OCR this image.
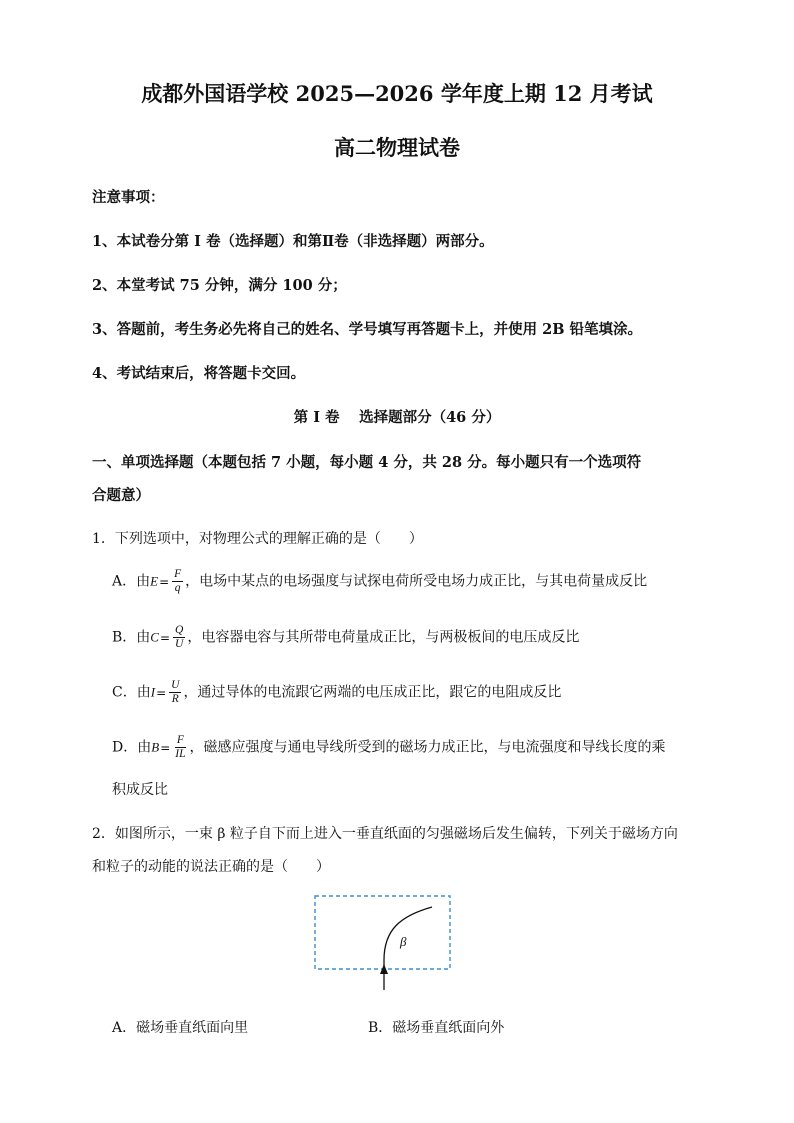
成都外国语学校 2025—2026 学年度上期 12 月考试
高二物理试卷
注意事项：
1、本试卷分第 I 卷（选择题）和第Ⅱ卷（非选择题）两部分。
2、本堂考试 75 分钟，满分 100 分；
3、答题前，考生务必先将自己的姓名、学号填写再答题卡上，并使用 2B 铅笔填涂。
4、考试结束后，将答题卡交回。
第 I 卷　 选择题部分（46 分）
一、单项选择题（本题包括 7 小题，每小题 4 分，共 28 分。每小题只有一个选项符
合题意）
1．下列选项中，对物理公式的理解正确的是（　　）
A．由$E= \frac{F}{q}$ ，电场中某点的电场强度与试探电荷所受电场力成正比，与其电荷量成反比
B．由$C= \frac{Q}{U}$ ，电容器电容与其所带电荷量成正比，与两极板间的电压成反比
C．由$I= \frac{U}{R}$ ，通过导体的电流跟它两端的电压成正比，跟它的电阻成反比
D．由$B= \frac{F}{IL}$ ，磁感应强度与通电导线所受到的磁场力成正比，与电流强度和导线长度的乘
积成反比
2．如图所示，一束 β 粒子自下而上进入一垂直纸面的匀强磁场后发生偏转，下列关于磁场方向
和粒子的动能的说法正确的是（　　）
β
A．磁场垂直纸面向里	B．磁场垂直纸面向外
